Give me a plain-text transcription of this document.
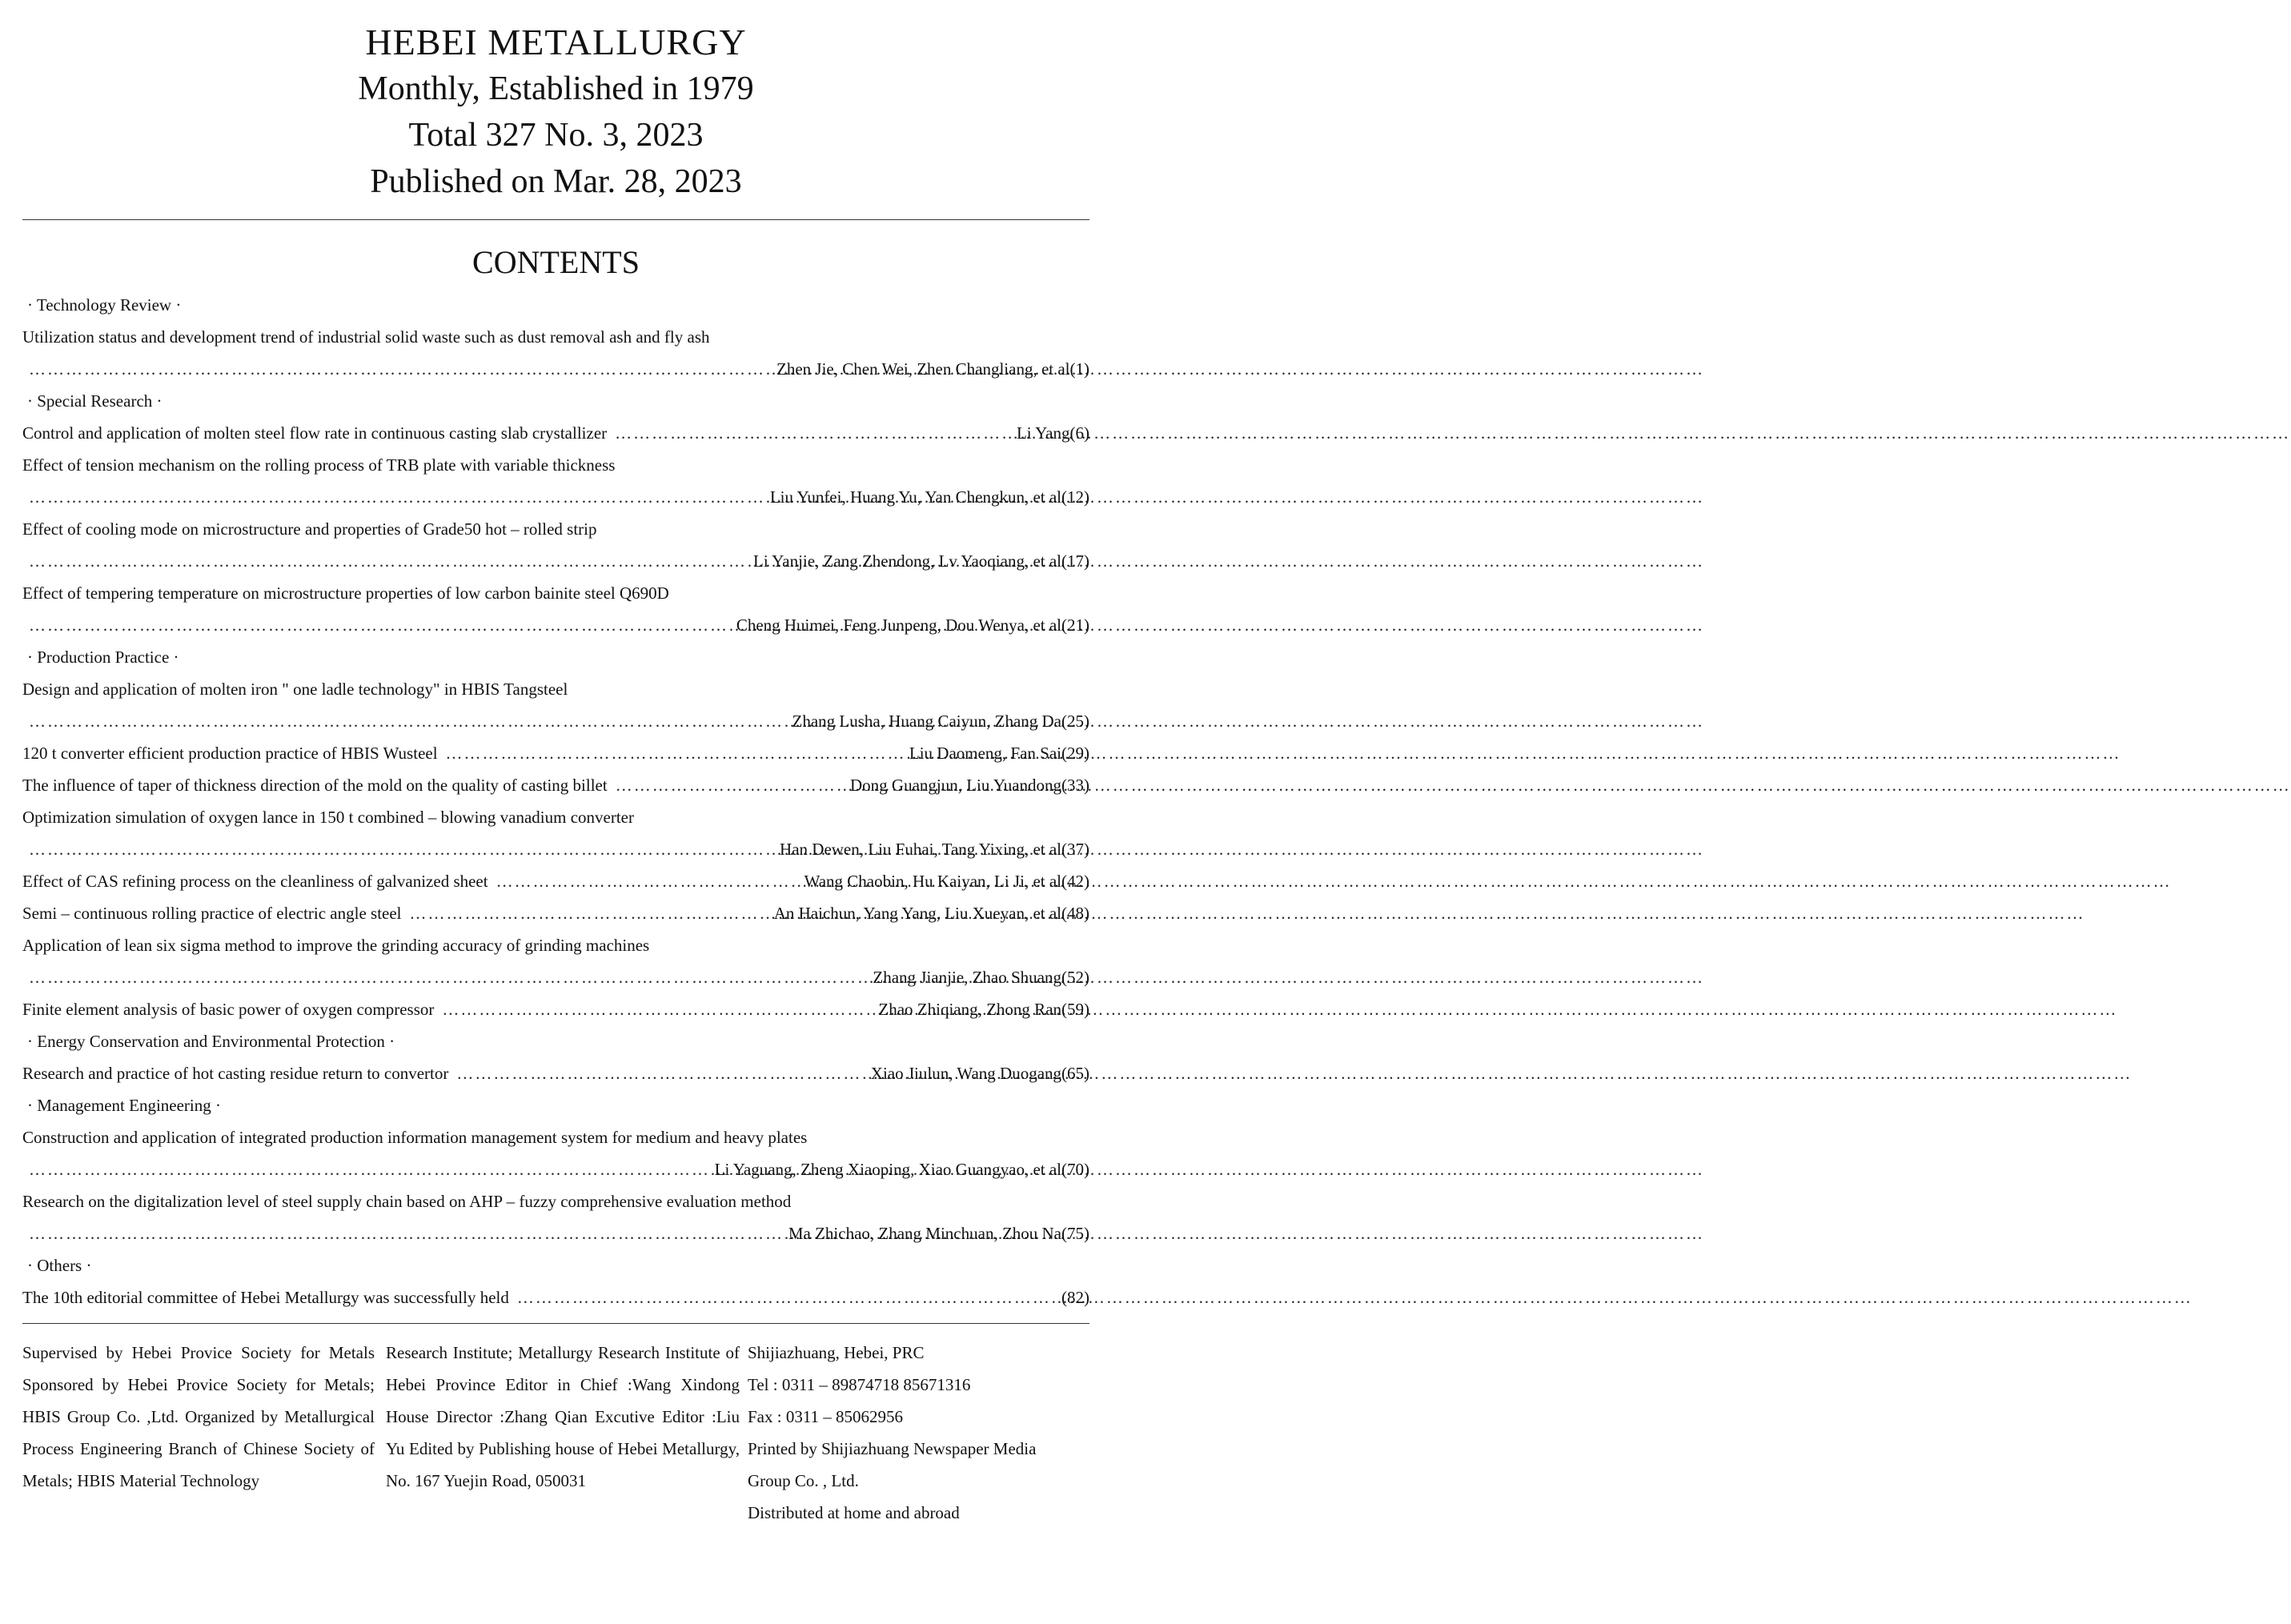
HEBEI METALLURGY
Monthly, Established in 1979
Total 327 No. 3, 2023
Published on Mar. 28, 2023
CONTENTS
· Technology Review ·
Utilization status and development trend of industrial solid waste such as dust removal ash and fly ash
…………………………………………………………………………………………………………………………………………………………………………………………………………………………………………………
Zhen Jie, Chen Wei, Zhen Changliang, et al(1)
· Special Research ·
Control and application of molten steel flow rate in continuous casting slab crystallizer …………………………………………………………………………………………………………………………………………………………………………………………………………………………………………………	Li Yang(6)
Effect of tension mechanism on the rolling process of TRB plate with variable thickness
…………………………………………………………………………………………………………………………………………………………………………………………………………………………………………………
Liu Yunfei, Huang Yu, Yan Chengkun, et al(12)
Effect of cooling mode on microstructure and properties of Grade50 hot – rolled strip
…………………………………………………………………………………………………………………………………………………………………………………………………………………………………………………
Li Yanjie, Zang Zhendong, Lv Yaoqiang, et al(17)
Effect of tempering temperature on microstructure properties of low carbon bainite steel Q690D
…………………………………………………………………………………………………………………………………………………………………………………………………………………………………………………
Cheng Huimei, Feng Junpeng, Dou Wenya, et al(21)
· Production Practice ·
Design and application of molten iron " one ladle technology" in HBIS Tangsteel
…………………………………………………………………………………………………………………………………………………………………………………………………………………………………………………
Zhang Lusha, Huang Caiyun, Zhang Da(25)
120 t converter efficient production practice of HBIS Wusteel …………………………………………………………………………………………………………………………………………………………………………………………………………………………………………………	Liu Daomeng, Fan Sai(29)
The influence of taper of thickness direction of the mold on the quality of casting billet …………………………………………………………………………………………………………………………………………………………………………………………………………………………………………………	Dong Guangjun, Liu Yuandong(33)
Optimization simulation of oxygen lance in 150 t combined – blowing vanadium converter
…………………………………………………………………………………………………………………………………………………………………………………………………………………………………………………
Han Dewen, Liu Fuhai, Tang Yixing, et al(37)
Effect of CAS refining process on the cleanliness of galvanized sheet …………………………………………………………………………………………………………………………………………………………………………………………………………………………………………………	Wang Chaobin, Hu Kaiyan, Li Ji, et al(42)
Semi – continuous rolling practice of electric angle steel …………………………………………………………………………………………………………………………………………………………………………………………………………………………………………………	An Haichun, Yang Yang, Liu Xueyan, et al(48)
Application of lean six sigma method to improve the grinding accuracy of grinding machines
…………………………………………………………………………………………………………………………………………………………………………………………………………………………………………………
Zhang Jianjie, Zhao Shuang(52)
Finite element analysis of basic power of oxygen compressor …………………………………………………………………………………………………………………………………………………………………………………………………………………………………………………	Zhao Zhiqiang, Zhong Ran(59)
· Energy Conservation and Environmental Protection ·
Research and practice of hot casting residue return to convertor …………………………………………………………………………………………………………………………………………………………………………………………………………………………………………………	Xiao Jiulun, Wang Duogang(65)
· Management Engineering ·
Construction and application of integrated production information management system for medium and heavy plates
…………………………………………………………………………………………………………………………………………………………………………………………………………………………………………………
Li Yaguang, Zheng Xiaoping, Xiao Guangyao, et al(70)
Research on the digitalization level of steel supply chain based on AHP – fuzzy comprehensive evaluation method
…………………………………………………………………………………………………………………………………………………………………………………………………………………………………………………
Ma Zhichao, Zhang Minchuan, Zhou Na(75)
· Others ·
The 10th editorial committee of Hebei Metallurgy was successfully held …………………………………………………………………………………………………………………………………………………………………………………………………………………………………………………	(82)

Supervised by Hebei Provice Society for Metals Sponsored by Hebei Provice Society for Metals; HBIS Group Co. ,Ltd. Organized by Metallurgical Process Engineering Branch of Chinese Society of Metals; HBIS Material Technology

Research Institute; Metallurgy Research Institute of Hebei Province Editor in Chief :Wang Xindong House Director :Zhang Qian Excutive Editor :Liu Yu Edited by Publishing house of Hebei Metallurgy, No. 167 Yuejin Road, 050031

Shijiazhuang, Hebei, PRC
Tel : 0311 – 89874718 85671316
Fax : 0311 – 85062956
Printed by Shijiazhuang Newspaper Media
Group Co. , Ltd.
Distributed at home and abroad
